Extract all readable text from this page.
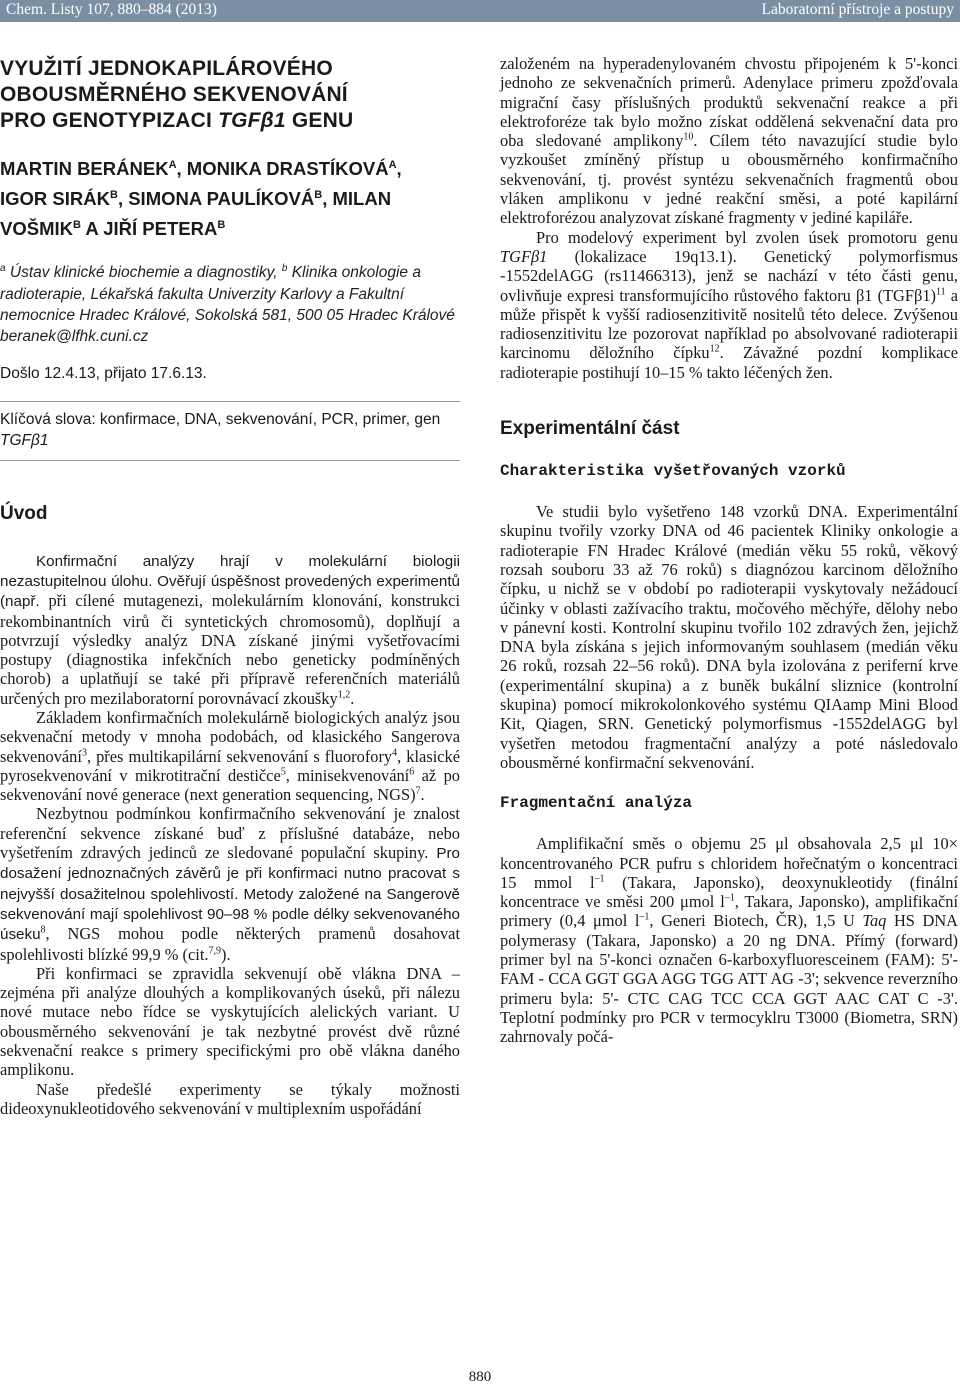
Chem. Listy 107, 880–884 (2013)	Laboratorní přístroje a postupy
VYUŽITÍ JEDNOKAPILÁROVÉHO
OBOUSMĚRNÉHO SEKVENOVÁNÍ
PRO GENOTYPIZACI TGFβ1 GENU
MARTIN $BERÁNEK^A$, MONIKA $DRASTÍKOVÁ^A$,
IGOR $SIRÁK^B$, SIMONA $PAULÍKOVÁ^B$, MILAN $VOŠMIK^B$ A JIŘÍ $PETERA^B$
$^a$ Ústav klinické biochemie a diagnostiky, $^b$ Klinika onkologie a radioterapie, Lékařská fakulta Univerzity Karlovy a Fakultní nemocnice Hradec Králové, Sokolská 581, 500 05 Hradec Králové
beranek@lfhk.cuni.cz
Došlo 12.4.13, přijato 17.6.13.
Klíčová slova: konfirmace, DNA, sekvenování, PCR, primer, gen TGFβ1
Úvod

Konfirmační analýzy hrají v molekulární biologii nezastupitelnou úlohu. Ověřují úspěšnost provedených experimentů (např. při cílené mutagenezi, molekulárním klonování, konstrukci rekombinantních virů či syntetických chromosomů), doplňují a potvrzují výsledky analýz DNA získané jinými vyšetřovacími postupy (diagnostika infekčních nebo geneticky podmíněných chorob) a uplatňují se také při přípravě referenčních materiálů určených pro mezilaboratorní porovnávací zkoušky$^{1,2}$.

Základem konfirmačních molekulárně biologických analýz jsou sekvenační metody v mnoha podobách, od klasického Sangerova sekvenování$^3$, přes multikapilární sekvenování s fluorofory$^4$, klasické pyrosekvenování v mikrotitrační destičce$^5$, minisekvenování$^6$ až po sekvenování nové generace (next generation sequencing, NGS)$^7$.

Nezbytnou podmínkou konfirmačního sekvenování je znalost referenční sekvence získané buď z příslušné databáze, nebo vyšetřením zdravých jedinců ze sledované populační skupiny. Pro dosažení jednoznačných závěrů je při konfirmaci nutno pracovat s nejvyšší dosažitelnou spolehlivostí. Metody založené na Sangerově sekvenování mají spolehlivost 90–98 % podle délky sekvenovaného úseku$^8$, NGS mohou podle některých pramenů dosahovat spolehlivosti blízké 99,9 % (cit.$^{7,9}$).

Při konfirmaci se zpravidla sekvenují obě vlákna DNA – zejména při analýze dlouhých a komplikovaných úseků, při nálezu nové mutace nebo řídce se vyskytujících alelických variant. U obousměrného sekvenování je tak nezbytné provést dvě různé sekvenační reakce s primery specifickými pro obě vlákna daného amplikonu.

Naše předešlé experimenty se týkaly možnosti dideoxynukleotidového sekvenování v multiplexním uspořádání

založeném na hyperadenylovaném chvostu připojeném k 5'-konci jednoho ze sekvenačních primerů. Adenylace primeru zpožďovala migrační časy příslušných produktů sekvenační reakce a při elektroforéze tak bylo možno získat oddělená sekvenační data pro oba sledované amplikony$^{10}$. Cílem této navazující studie bylo vyzkoušet zmíněný přístup u obousměrného konfirmačního sekvenování, tj. provést syntézu sekvenačních fragmentů obou vláken amplikonu v jedné reakční směsi, a poté kapilární elektroforézou analyzovat získané fragmenty v jediné kapiláře.

Pro modelový experiment byl zvolen úsek promotoru genu TGFβ1 (lokalizace 19q13.1). Genetický polymorfismus -1552delAGG (rs11466313), jenž se nachází v této části genu, ovlivňuje expresi transformujícího růstového faktoru β1 $(TGF\beta 1)^{11}$ a může přispět k vyšší radiosenzitivitě nositelů této delece. Zvýšenou radiosenzitivitu lze pozorovat například po absolvované radioterapii karcinomu děložního čípku$^{12}$. Závažné pozdní komplikace radioterapie postihují 10–15 % takto léčených žen.

Experimentální část
Charakteristika vyšetřovaných vzorků

Ve studii bylo vyšetřeno 148 vzorků DNA. Experimentální skupinu tvořily vzorky DNA od 46 pacientek Kliniky onkologie a radioterapie FN Hradec Králové (medián věku 55 roků, věkový rozsah souboru 33 až 76 roků) s diagnózou karcinom děložního čípku, u nichž se v období po radioterapii vyskytovaly nežádoucí účinky v oblasti zažívacího traktu, močového měchýře, dělohy nebo v pánevní kosti. Kontrolní skupinu tvořilo 102 zdravých žen, jejichž DNA byla získána s jejich informovaným souhlasem (medián věku 26 roků, rozsah 22–56 roků). DNA byla izolována z periferní krve (experimentální skupina) a z buněk bukální sliznice (kontrolní skupina) pomocí mikrokolonkového systému QIAamp Mini Blood Kit, Qiagen, SRN. Genetický polymorfismus -1552delAGG byl vyšetřen metodou fragmentační analýzy a poté následovalo obousměrné konfirmační sekvenování.

Fragmentační analýza

Amplifikační směs o objemu 25 μl obsahovala 2,5 μl 10× koncentrovaného PCR pufru s chloridem hořečnatým o koncentraci 15 mmol $l^{-1}$ (Takara, Japonsko), deoxynukleotidy (finální koncentrace ve směsi 200 μmol $l^{-1}$, Takara, Japonsko), amplifikační primery (0,4 μmol $l^{-1}$, Generi Biotech, ČR), 1,5 U Taq HS DNA polymerasy (Takara, Japonsko) a 20 ng DNA. Přímý (forward) primer byl na 5'-konci označen 6-karboxyfluoresceinem (FAM): 5'- FAM - CCA GGT GGA AGG TGG ATT AG -3'; sekvence reverzního primeru byla: 5'- CTC CAG TCC CCA GGT AAC CAT C -3'. Teplotní podmínky pro PCR v termocyklru T3000 (Biometra, SRN) zahrnovaly počá-

880
